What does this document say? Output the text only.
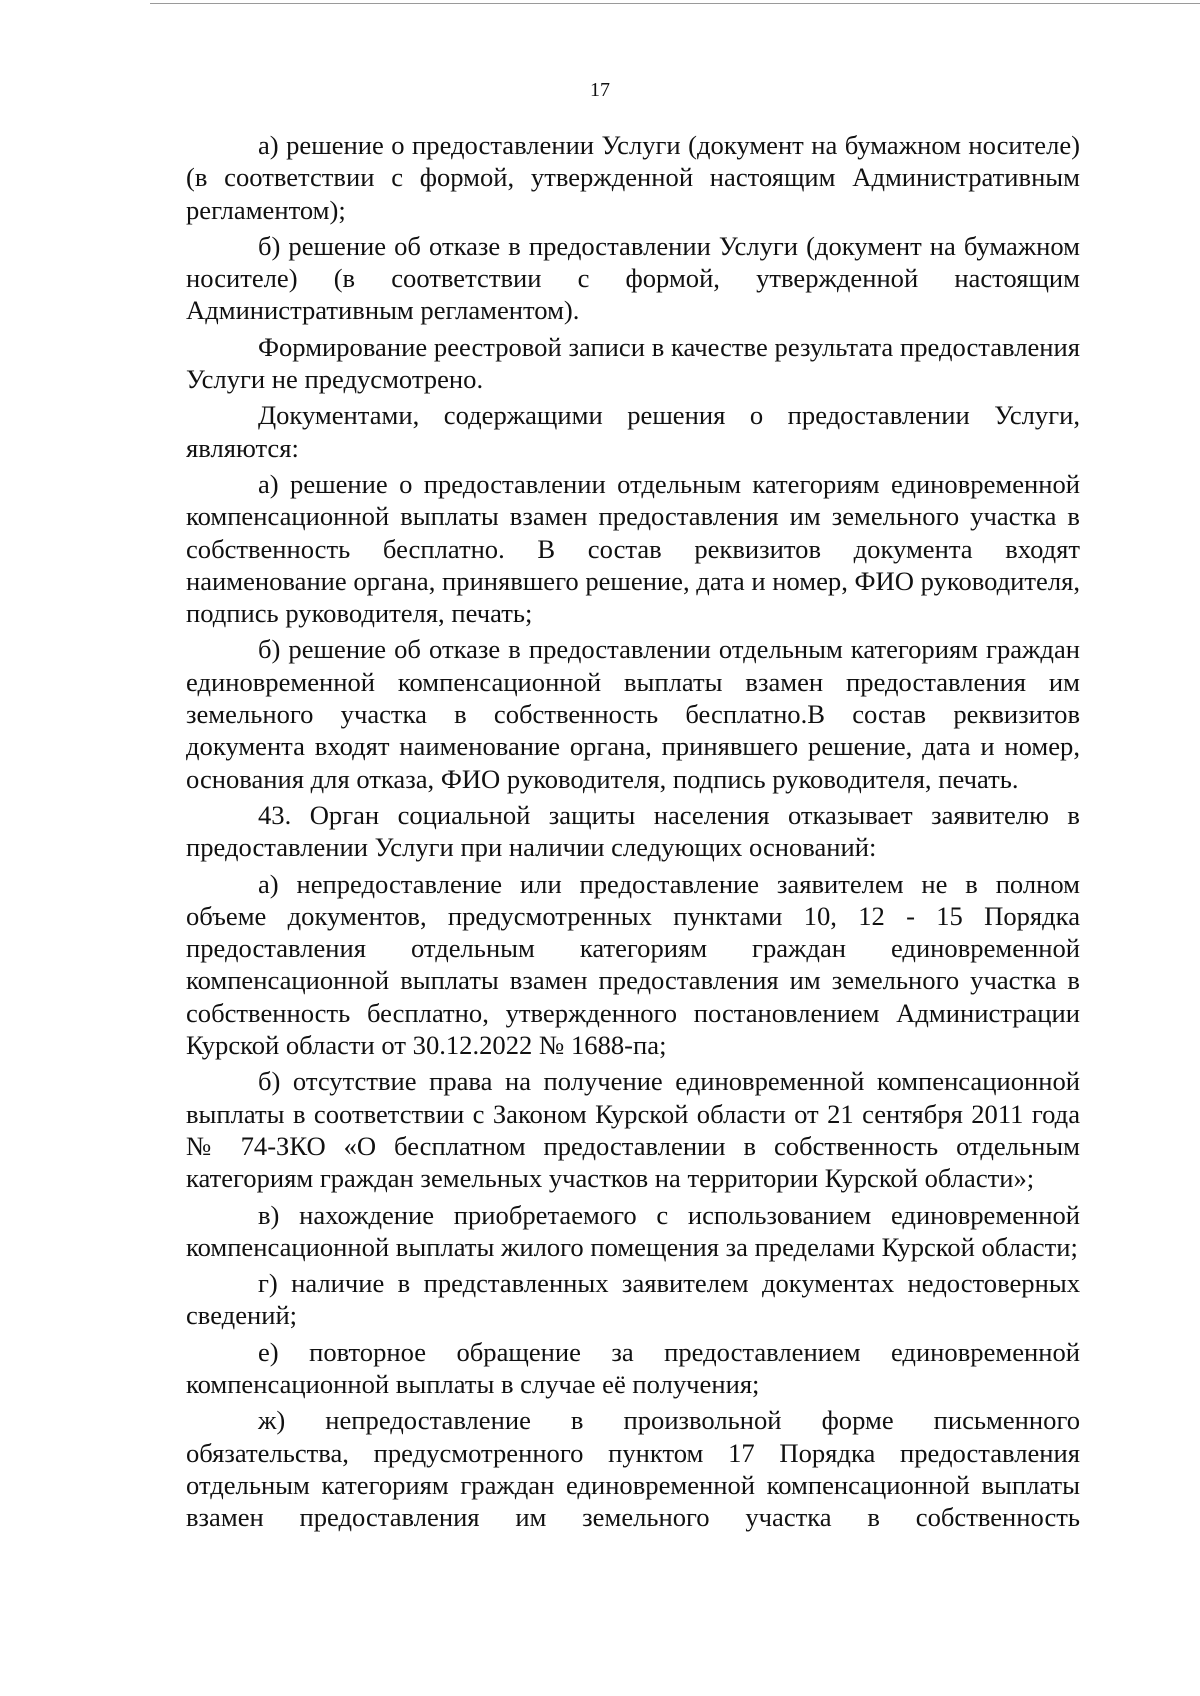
17

а) решение о предоставлении Услуги (документ на бумажном носителе) (в соответствии с формой, утвержденной настоящим Административным регламентом);

б) решение об отказе в предоставлении Услуги (документ на бумажном носителе) (в соответствии с формой, утвержденной настоящим Административным регламентом).

Формирование реестровой записи в качестве результата предоставления Услуги не предусмотрено.

Документами, содержащими решения о предоставлении Услуги, являются:

а) решение о предоставлении отдельным категориям единовременной компенсационной выплаты взамен предоставления им земельного участка в собственность бесплатно. В состав реквизитов документа входят наименование органа, принявшего решение, дата и номер, ФИО руководителя, подпись руководителя, печать;

б) решение об отказе в предоставлении отдельным категориям граждан единовременной компенсационной выплаты взамен предоставления им земельного участка в собственность бесплатно.В состав реквизитов документа входят наименование органа, принявшего решение, дата и номер, основания для отказа, ФИО руководителя, подпись руководителя, печать.

43. Орган социальной защиты населения отказывает заявителю в предоставлении Услуги при наличии следующих оснований:

а) непредоставление или предоставление заявителем не в полном объеме документов, предусмотренных пунктами 10, 12 - 15 Порядка предоставления отдельным категориям граждан единовременной компенсационной выплаты взамен предоставления им земельного участка в собственность бесплатно, утвержденного постановлением Администрации Курской области от 30.12.2022 № 1688-па;

б) отсутствие права на получение единовременной компенсационной выплаты в соответствии с Законом Курской области от 21 сентября 2011 года № 74-ЗКО «О бесплатном предоставлении в собственность отдельным категориям граждан земельных участков на территории Курской области»;

в) нахождение приобретаемого с использованием единовременной компенсационной выплаты жилого помещения за пределами Курской области;

г) наличие в представленных заявителем документах недостоверных сведений;

е) повторное обращение за предоставлением единовременной компенсационной выплаты в случае её получения;

ж) непредоставление в произвольной форме письменного обязательства, предусмотренного пунктом 17 Порядка предоставления отдельным категориям граждан единовременной компенсационной выплаты взамен предоставления им земельного участка в собственность
